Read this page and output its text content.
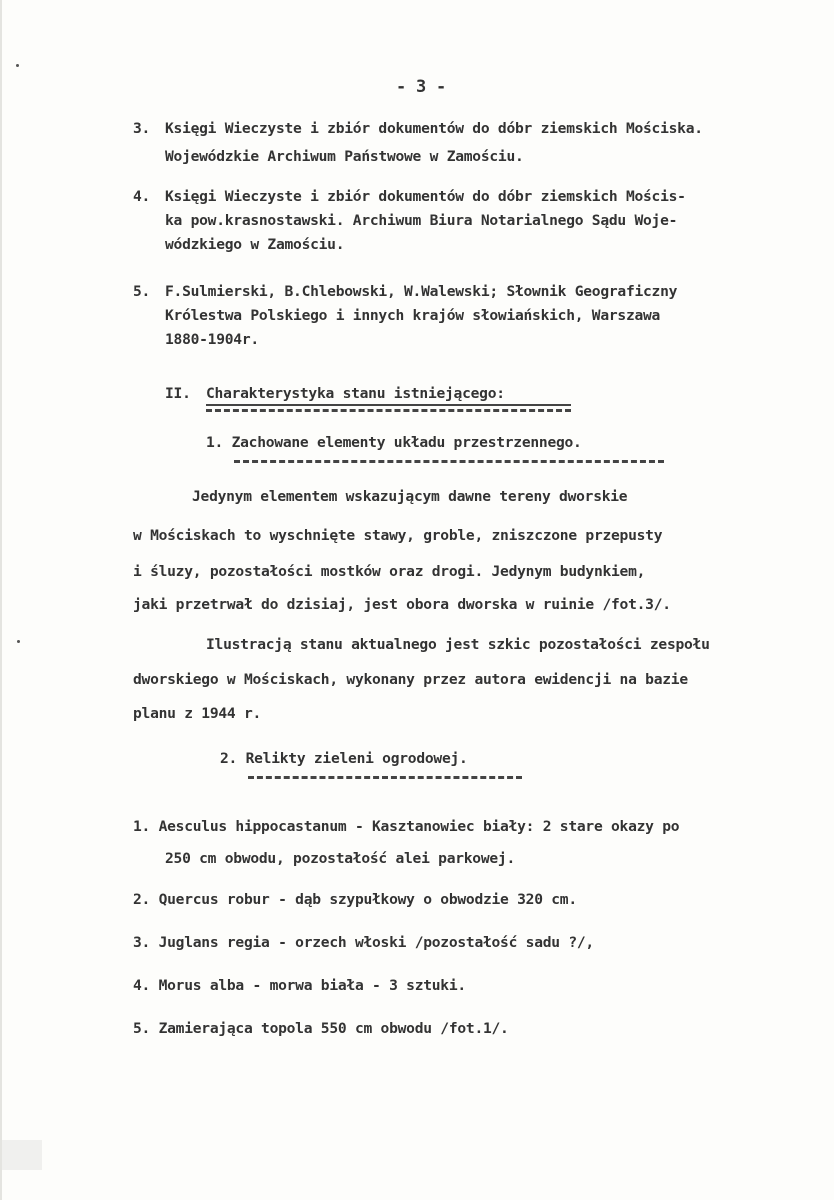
- 3 -
3. Księgi Wieczyste i zbiór dokumentów do dóbr ziemskich Mościska.
Wojewódzkie Archiwum Państwowe w Zamościu.
4. Księgi Wieczyste i zbiór dokumentów do dóbr ziemskich Mościs-
ka pow.krasnostawski. Archiwum Biura Notarialnego Sądu Woje-
wódzkiego w Zamościu.
5. F.Sulmierski, B.Chlebowski, W.Walewski; Słownik Geograficzny
Królestwa Polskiego i innych krajów słowiańskich, Warszawa
1880-1904r.
II. Charakterystyka stanu istniejącego:
1. Zachowane elementy układu przestrzennego.
Jedynym elementem wskazującym dawne tereny dworskie
w Mościskach to wyschnięte stawy, groble, zniszczone przepusty
i śluzy, pozostałości mostków oraz drogi. Jedynym budynkiem,
jaki przetrwał do dzisiaj, jest obora dworska w ruinie /fot.3/.
Ilustracją stanu aktualnego jest szkic pozostałości zespołu
dworskiego w Mościskach, wykonany przez autora ewidencji na bazie
planu z 1944 r.
2. Relikty zieleni ogrodowej.
1. Aesculus hippocastanum - Kasztanowiec biały: 2 stare okazy po
250 cm obwodu, pozostałość alei parkowej.
2. Quercus robur - dąb szypułkowy o obwodzie 320 cm.
3. Juglans regia - orzech włoski /pozostałość sadu ?/,
4. Morus alba - morwa biała - 3 sztuki.
5. Zamierająca topola 550 cm obwodu /fot.1/.
